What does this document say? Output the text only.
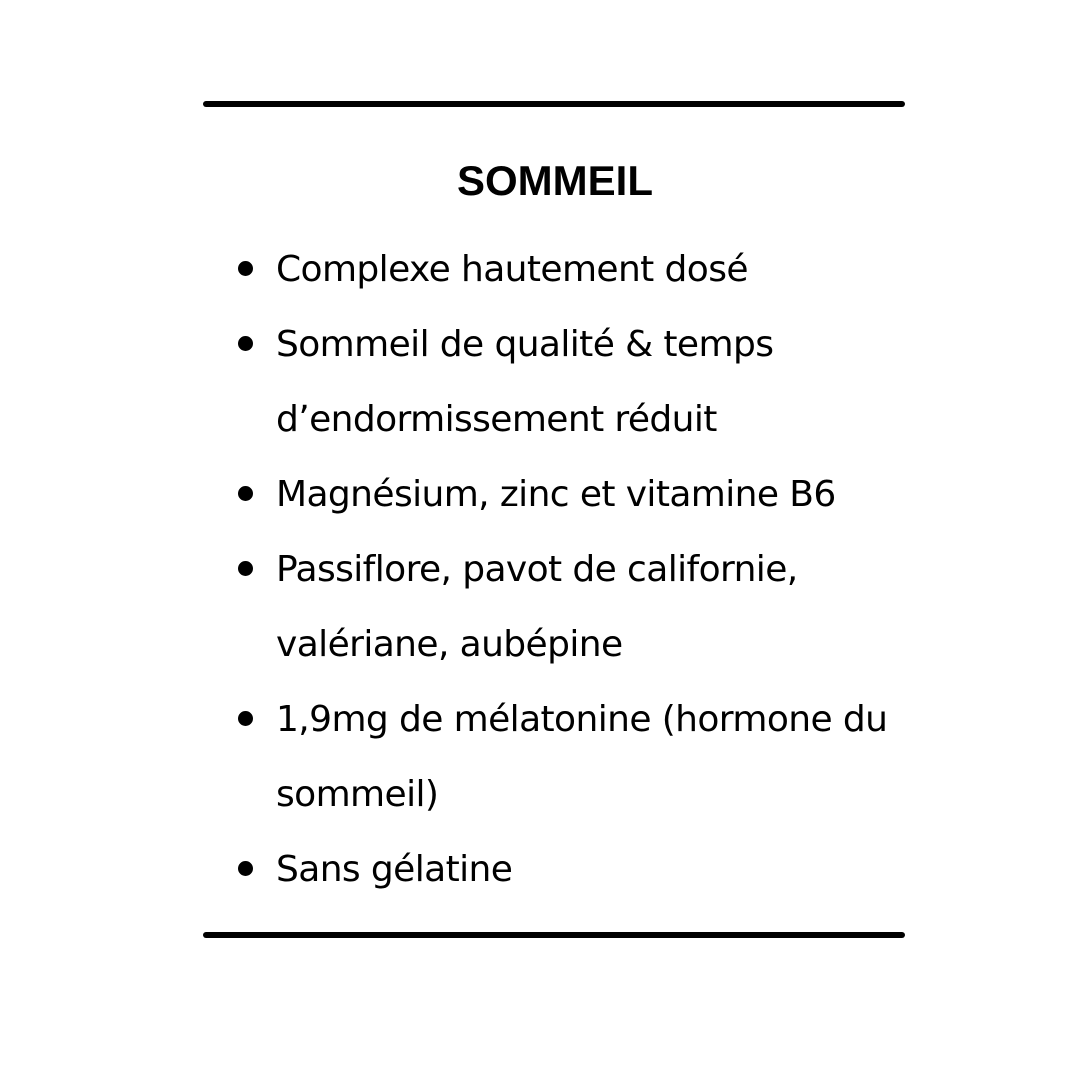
SOMMEIL
Complexe hautement dosé
Sommeil de qualité & temps d’endormissement réduit
Magnésium, zinc et vitamine B6
Passiflore, pavot de californie, valériane, aubépine
1,9mg de mélatonine (hormone du sommeil)
Sans gélatine
